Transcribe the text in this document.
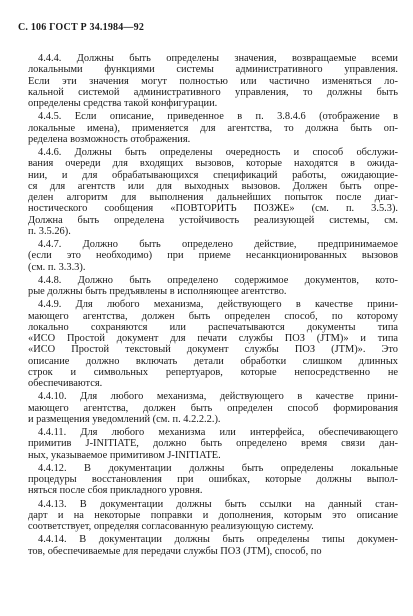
С. 106 ГОСТ Р 34.1984—92
4.4.4. Должны быть определены значения, возвращаемые всеми
локальными функциями системы административного управления.
Если эти значения могут полностью или частично изменяться ло-
кальной системой административного управления, то должны быть
определены средства такой конфигурации.
4.4.5. Если описание, приведенное в п. 3.8.4.6 (отображение в
локальные имена), применяется для агентства, то должна быть оп-
ределена возможность отображения.
4.4.6. Должны быть определены очередность и способ обслужи-
вания очереди для входящих вызовов, которые находятся в ожида-
нии, и для обрабатывающихся спецификаций работы, ожидающие-
ся для агентств или для выходных вызовов. Должен быть опре-
делен алгоритм для выполнения дальнейших попыток после диаг-
ностического сообщения «ПОВТОРИТЬ ПОЗЖЕ» (см. п. 3.5.3).
Должна быть определена устойчивость реализующей системы, см.
п. 3.5.26).
4.4.7. Должно быть определено действие, предпринимаемое
(если это необходимо) при приеме несанкционированных вызовов
(см. п. 3.3.3).
4.4.8. Должно быть определено содержимое документов, кото-
рые должны быть предъявлены в исполняющее агентство.
4.4.9. Для любого механизма, действующего в качестве прини-
мающего агентства, должен быть определен способ, по которому
локально сохраняются или распечатываются документы типа
«ИСО Простой документ для печати службы ПОЗ (JTM)» и типа
«ИСО Простой текстовый документ службы ПОЗ (JTM)». Это
описание должно включать детали обработки слишком длинных
строк и символьных репертуаров, которые непосредственно не
обеспечиваются.
4.4.10. Для любого механизма, действующего в качестве прини-
мающего агентства, должен быть определен способ формирования
и размещения уведомлений (см. п. 4.2.2.2.).
4.4.11. Для любого механизма или интерфейса, обеспечивающего
примитив J-INITIATE, должно быть определено время связи дан-
ных, указываемое примитивом J-INITIATE.
4.4.12. В документации должны быть определены локальные
процедуры восстановления при ошибках, которые должны выпол-
няться после сбоя прикладного уровня.
4.4.13. В документации должны быть ссылки на данный стан-
дарт и на некоторые поправки и дополнения, которым это описание
соответствует, определяя согласованную реализующую систему.
4.4.14. В документации должны быть определены типы докумен-
тов, обеспечиваемые для передачи службы ПОЗ (JTM), способ, по
